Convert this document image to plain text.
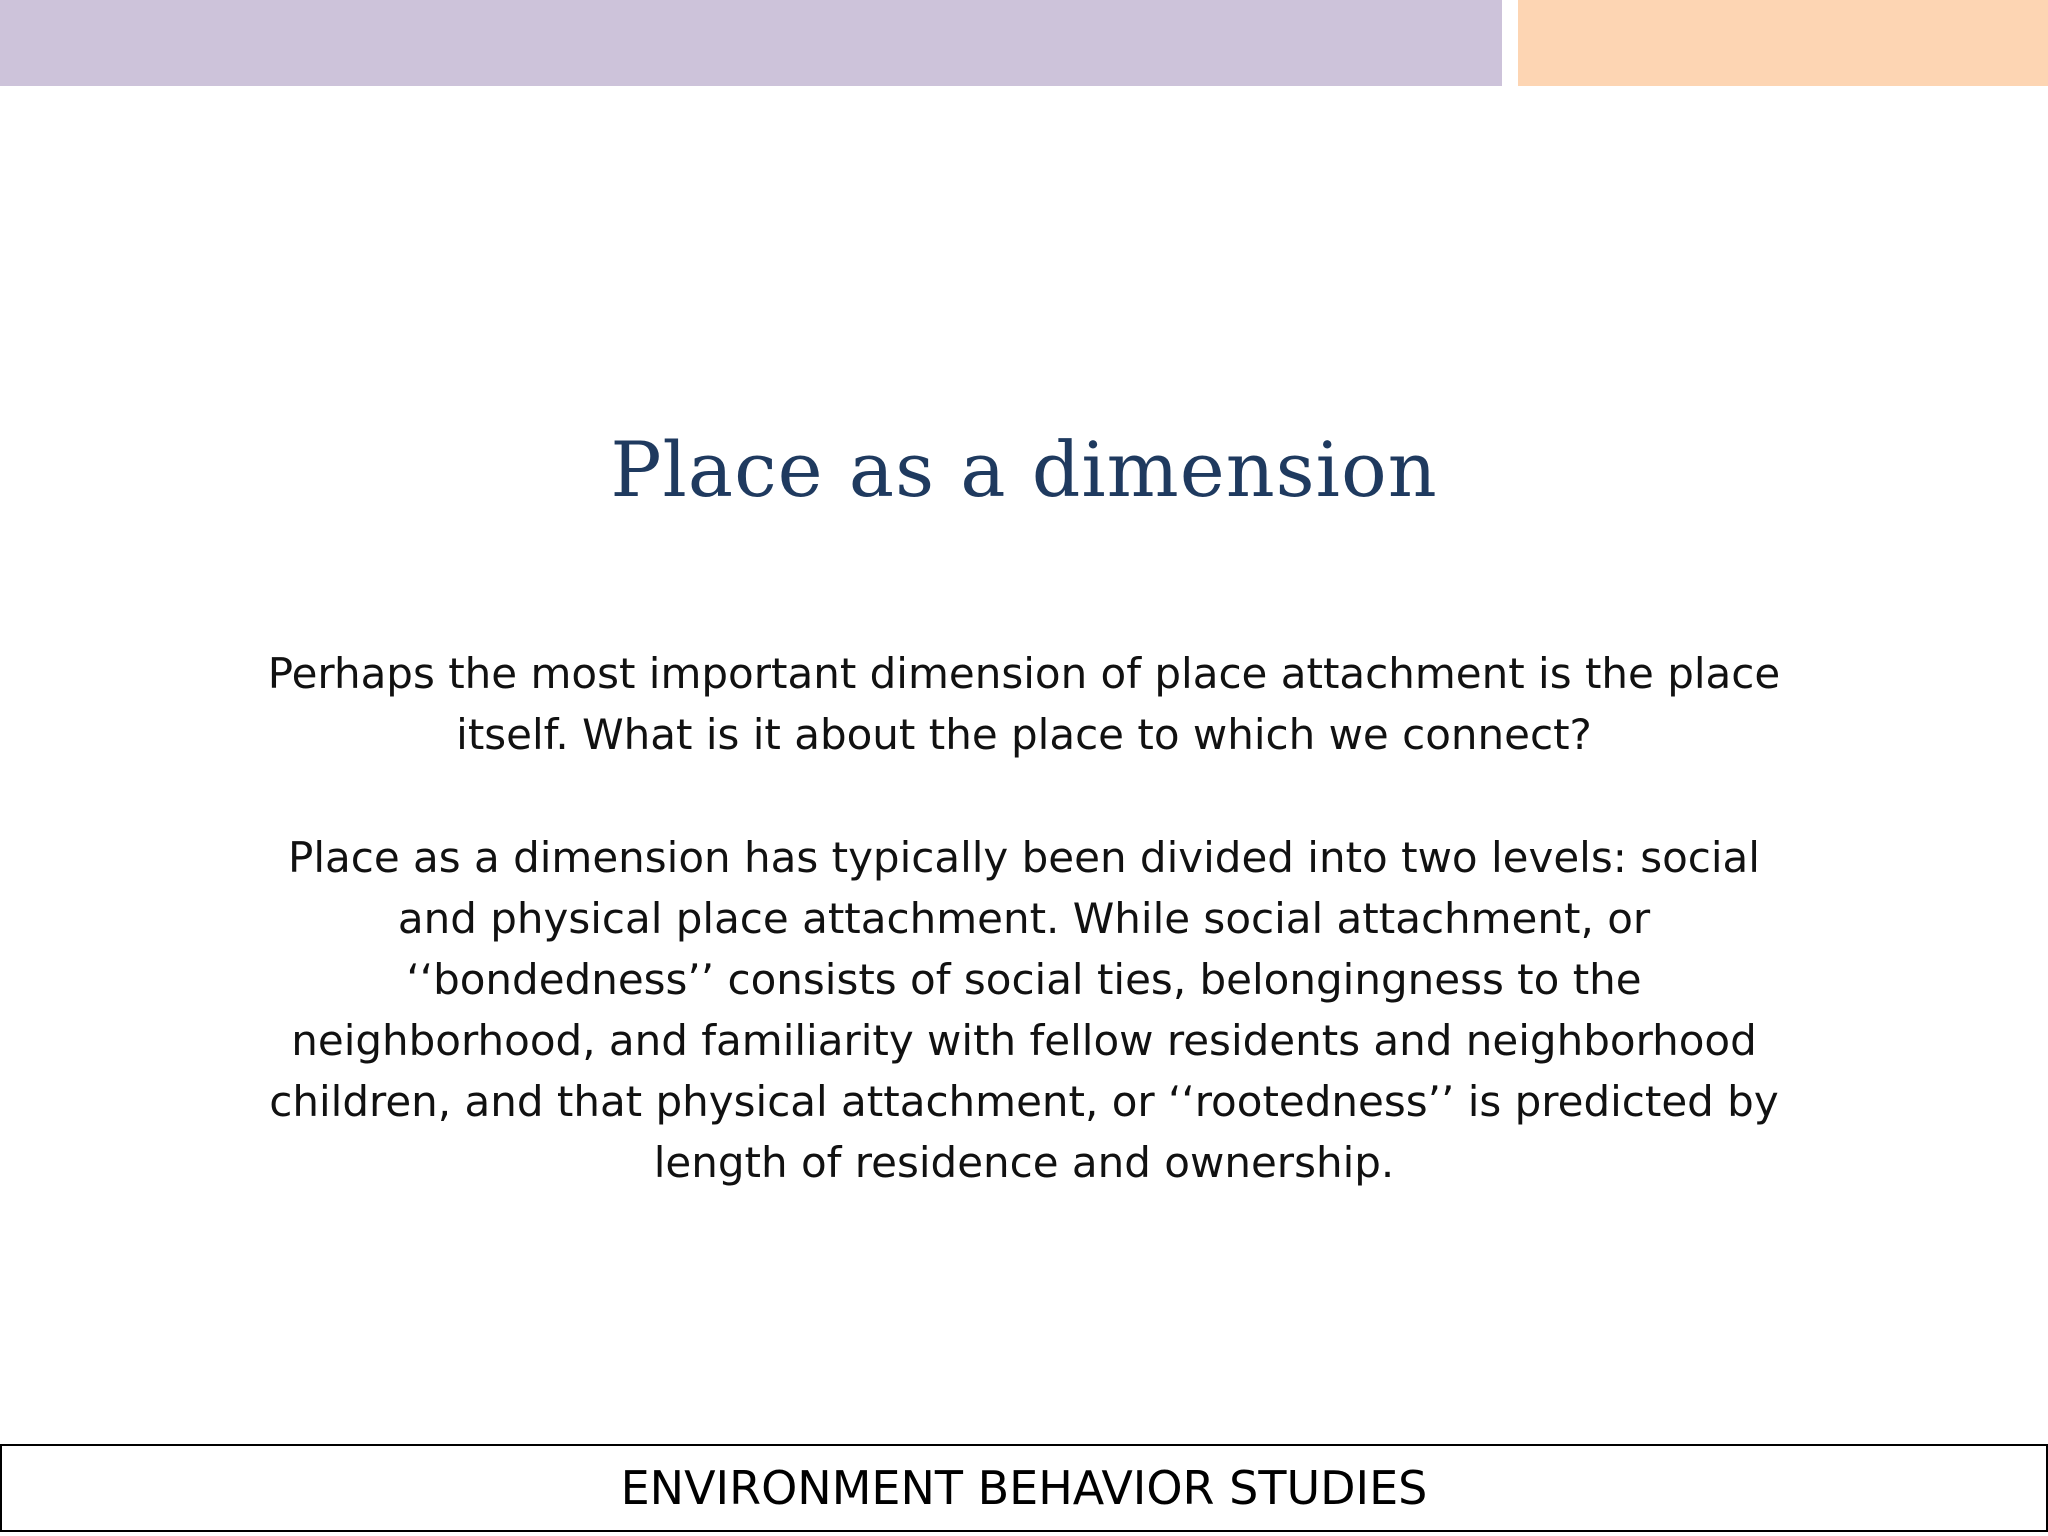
Place as a dimension

Perhaps the most important dimension of place attachment is the place itself. What is it about the place to which we connect?

Place as a dimension has typically been divided into two levels: social and physical place attachment. While social attachment, or ‘‘bondedness’’ consists of social ties, belongingness to the neighborhood, and familiarity with fellow residents and neighborhood children, and that physical attachment, or ‘‘rootedness’’ is predicted by length of residence and ownership.

ENVIRONMENT BEHAVIOR STUDIES
